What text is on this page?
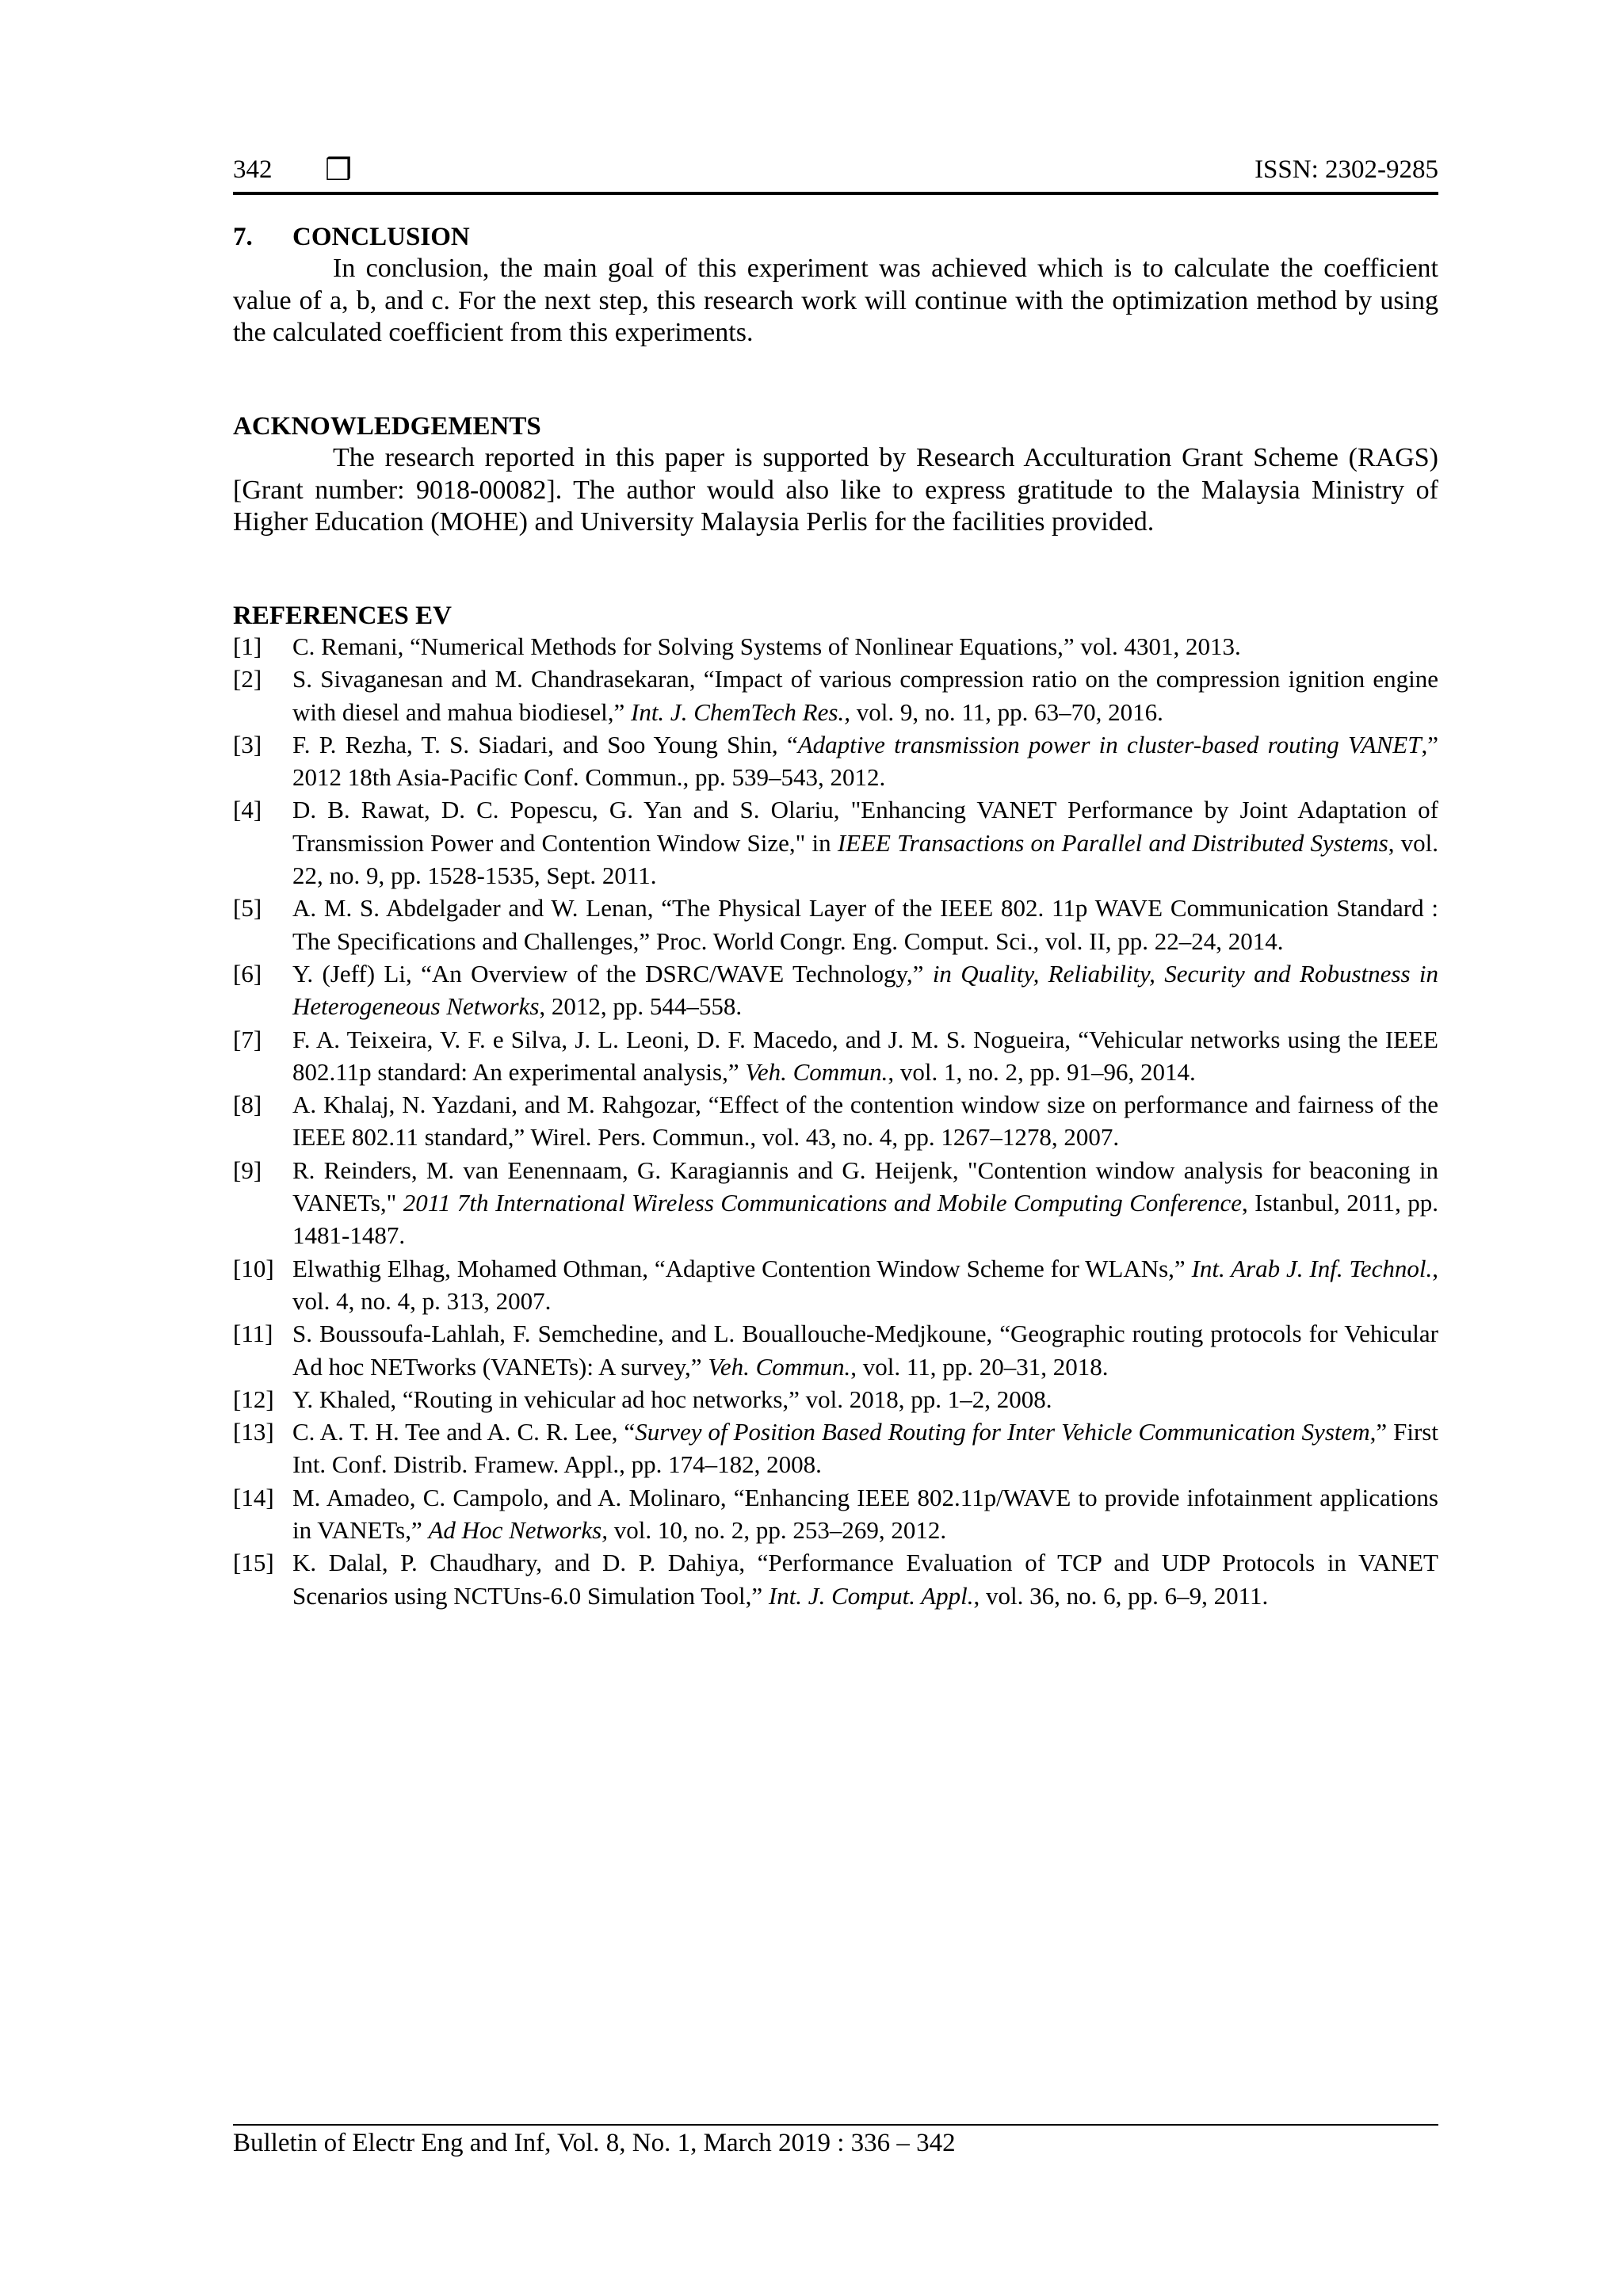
342 ❒	ISSN: 2302-9285
7. CONCLUSION

In conclusion, the main goal of this experiment was achieved which is to calculate the coefficient value of a, b, and c. For the next step, this research work will continue with the optimization method by using the calculated coefficient from this experiments.

ACKNOWLEDGEMENTS

The research reported in this paper is supported by Research Acculturation Grant Scheme (RAGS) [Grant number: 9018-00082]. The author would also like to express gratitude to the Malaysia Ministry of Higher Education (MOHE) and University Malaysia Perlis for the facilities provided.

REFERENCES EV
[1] C. Remani, “Numerical Methods for Solving Systems of Nonlinear Equations,” vol. 4301, 2013.
[2] S. Sivaganesan and M. Chandrasekaran, “Impact of various compression ratio on the compression ignition engine with diesel and mahua biodiesel,” Int. J. ChemTech Res., vol. 9, no. 11, pp. 63–70, 2016.
[3] F. P. Rezha, T. S. Siadari, and Soo Young Shin, “Adaptive transmission power in cluster-based routing VANET,” 2012 18th Asia-Pacific Conf. Commun., pp. 539–543, 2012.
[4] D. B. Rawat, D. C. Popescu, G. Yan and S. Olariu, "Enhancing VANET Performance by Joint Adaptation of Transmission Power and Contention Window Size," in IEEE Transactions on Parallel and Distributed Systems, vol. 22, no. 9, pp. 1528-1535, Sept. 2011.
[5] A. M. S. Abdelgader and W. Lenan, “The Physical Layer of the IEEE 802. 11p WAVE Communication Standard : The Specifications and Challenges,” Proc. World Congr. Eng. Comput. Sci., vol. II, pp. 22–24, 2014.
[6] Y. (Jeff) Li, “An Overview of the DSRC/WAVE Technology,” in Quality, Reliability, Security and Robustness in Heterogeneous Networks, 2012, pp. 544–558.
[7] F. A. Teixeira, V. F. e Silva, J. L. Leoni, D. F. Macedo, and J. M. S. Nogueira, “Vehicular networks using the IEEE 802.11p standard: An experimental analysis,” Veh. Commun., vol. 1, no. 2, pp. 91–96, 2014.
[8] A. Khalaj, N. Yazdani, and M. Rahgozar, “Effect of the contention window size on performance and fairness of the IEEE 802.11 standard,” Wirel. Pers. Commun., vol. 43, no. 4, pp. 1267–1278, 2007.
[9] R. Reinders, M. van Eenennaam, G. Karagiannis and G. Heijenk, "Contention window analysis for beaconing in VANETs," 2011 7th International Wireless Communications and Mobile Computing Conference, Istanbul, 2011, pp. 1481-1487.
[10] Elwathig Elhag, Mohamed Othman, “Adaptive Contention Window Scheme for WLANs,” Int. Arab J. Inf. Technol., vol. 4, no. 4, p. 313, 2007.
[11] S. Boussoufa-Lahlah, F. Semchedine, and L. Bouallouche-Medjkoune, “Geographic routing protocols for Vehicular Ad hoc NETworks (VANETs): A survey,” Veh. Commun., vol. 11, pp. 20–31, 2018.
[12] Y. Khaled, “Routing in vehicular ad hoc networks,” vol. 2018, pp. 1–2, 2008.
[13] C. A. T. H. Tee and A. C. R. Lee, “Survey of Position Based Routing for Inter Vehicle Communication System,” First Int. Conf. Distrib. Framew. Appl., pp. 174–182, 2008.
[14] M. Amadeo, C. Campolo, and A. Molinaro, “Enhancing IEEE 802.11p/WAVE to provide infotainment applications in VANETs,” Ad Hoc Networks, vol. 10, no. 2, pp. 253–269, 2012.
[15] K. Dalal, P. Chaudhary, and D. P. Dahiya, “Performance Evaluation of TCP and UDP Protocols in VANET Scenarios using NCTUns-6.0 Simulation Tool,” Int. J. Comput. Appl., vol. 36, no. 6, pp. 6–9, 2011.
Bulletin of Electr Eng and Inf, Vol. 8, No. 1, March 2019 : 336 – 342
